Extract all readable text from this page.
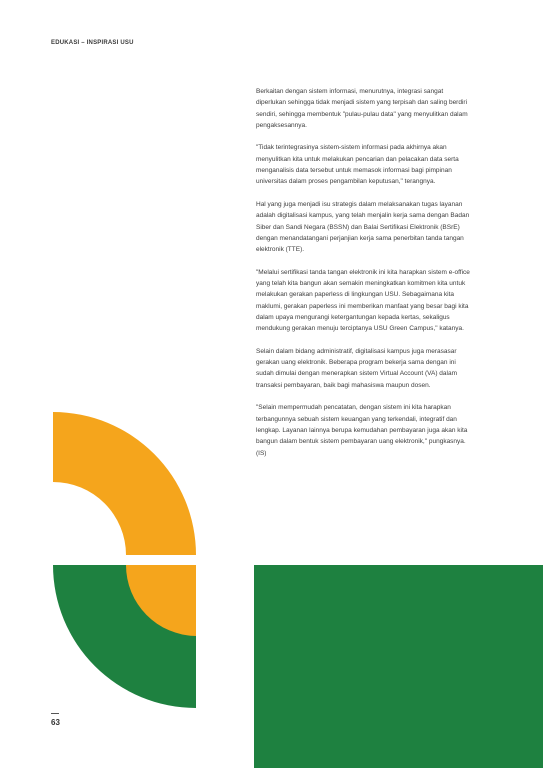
EDUKASI – INSPIRASI USU

Berkaitan dengan sistem informasi, menurutnya, integrasi sangat diperlukan sehingga tidak menjadi sistem yang terpisah dan saling berdiri sendiri, sehingga membentuk "pulau-pulau data" yang menyulitkan dalam pengaksesannya.

"Tidak terintegrasinya sistem-sistem informasi pada akhirnya akan menyulitkan kita untuk melakukan pencarian dan pelacakan data serta menganalisis data tersebut untuk memasok informasi bagi pimpinan universitas dalam proses pengambilan keputusan," terangnya.

Hal yang juga menjadi isu strategis dalam melaksanakan tugas layanan adalah digitalisasi kampus, yang telah menjalin kerja sama dengan Badan Siber dan Sandi Negara (BSSN) dan Balai Sertifikasi Elektronik (BSrE) dengan menandatangani perjanjian kerja sama penerbitan tanda tangan elektronik (TTE).

"Melalui sertifikasi tanda tangan elektronik ini kita harapkan sistem e-office yang telah kita bangun akan semakin meningkatkan komitmen kita untuk melakukan gerakan paperless di lingkungan USU. Sebagaimana kita maklumi, gerakan paperless ini memberikan manfaat yang besar bagi kita dalam upaya mengurangi ketergantungan kepada kertas, sekaligus mendukung gerakan menuju terciptanya USU Green Campus," katanya.

Selain dalam bidang administratif, digitalisasi kampus juga merasasar gerakan uang elektronik. Beberapa program bekerja sama dengan ini sudah dimulai dengan menerapkan sistem Virtual Account (VA) dalam transaksi pembayaran, baik bagi mahasiswa maupun dosen.

"Selain mempermudah pencatatan, dengan sistem ini kita harapkan terbangunnya sebuah sistem keuangan yang terkendali, integratif dan lengkap. Layanan lainnya berupa kemudahan pembayaran juga akan kita bangun dalam bentuk sistem pembayaran uang elektronik," pungkasnya. (IS)

63
